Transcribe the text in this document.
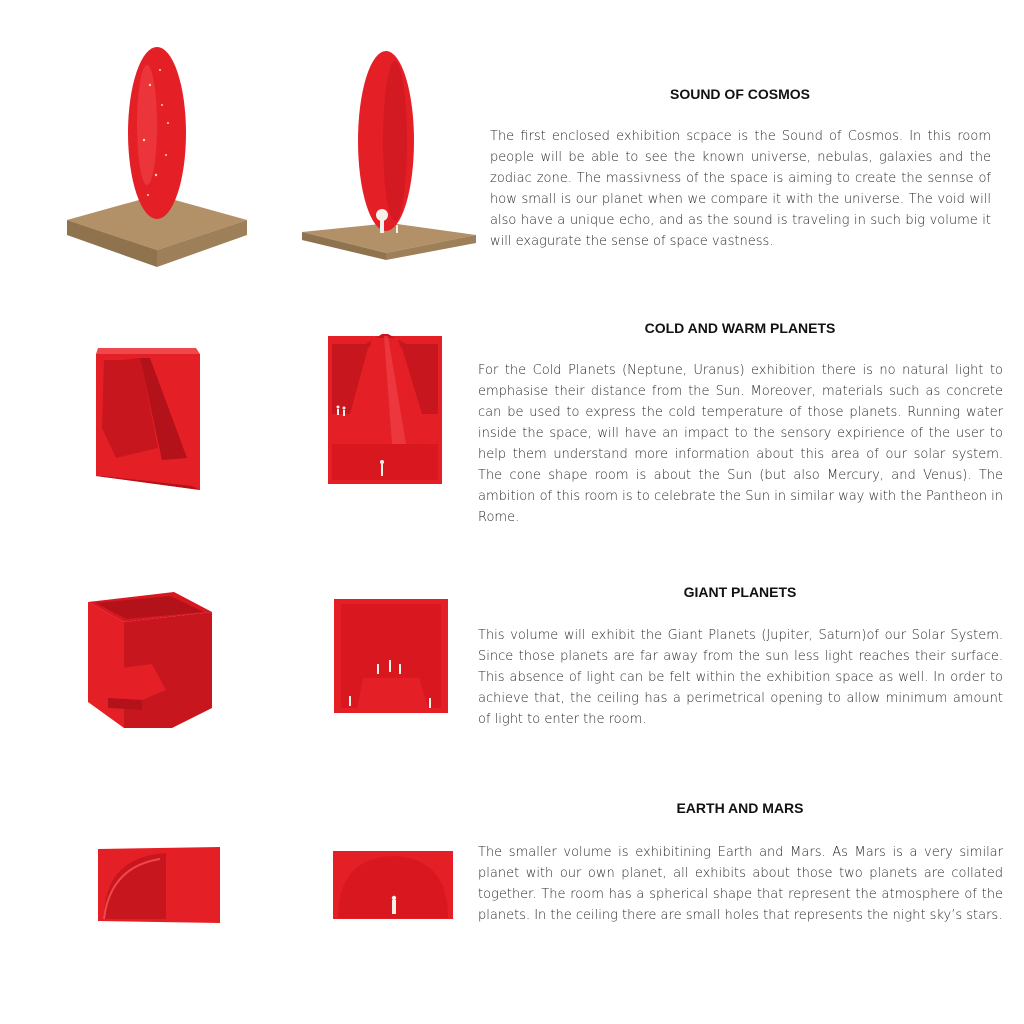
SOUND OF COSMOS
The first enclosed exhibition scpace is the Sound of Cosmos. In this room people will be able to see the known universe, nebulas, galaxies and the zodiac zone. The massivness of the space is aiming to create the sennse of how small is our planet when we compare it with the universe. The void will also have a unique echo, and as the sound is traveling in such big volume it will exagurate the sense of space vastness.
COLD AND WARM PLANETS
For the Cold Planets (Neptune, Uranus) exhibition there is no natural light to emphasise their distance from the Sun. Moreover, materials such as concrete can be used to express the cold temperature of those planets. Running water inside the space, will have an impact to the sensory expirience of the user to help them understand more information about this area of our solar system. The cone shape room is about the Sun (but also Mercury, and Venus). The ambition of this room is to celebrate the Sun in similar way with the Pantheon in Rome.
GIANT PLANETS
This volume will exhibit the Giant Planets (Jupiter, Saturn)of our Solar System. Since those planets are far away from the sun less light reaches their surface. This absence of light can be felt within the exhibition space as well. In order to achieve that, the ceiling has a perimetrical opening to allow minimum amount of light to enter the room.
EARTH AND MARS
The smaller volume is exhibitining Earth and Mars. As Mars is a very similar planet with our own planet, all exhibits about those two planets are collated together. The room has a spherical shape that represent the atmosphere of the planets. In the ceiling there are small holes that represents the night sky’s stars.
